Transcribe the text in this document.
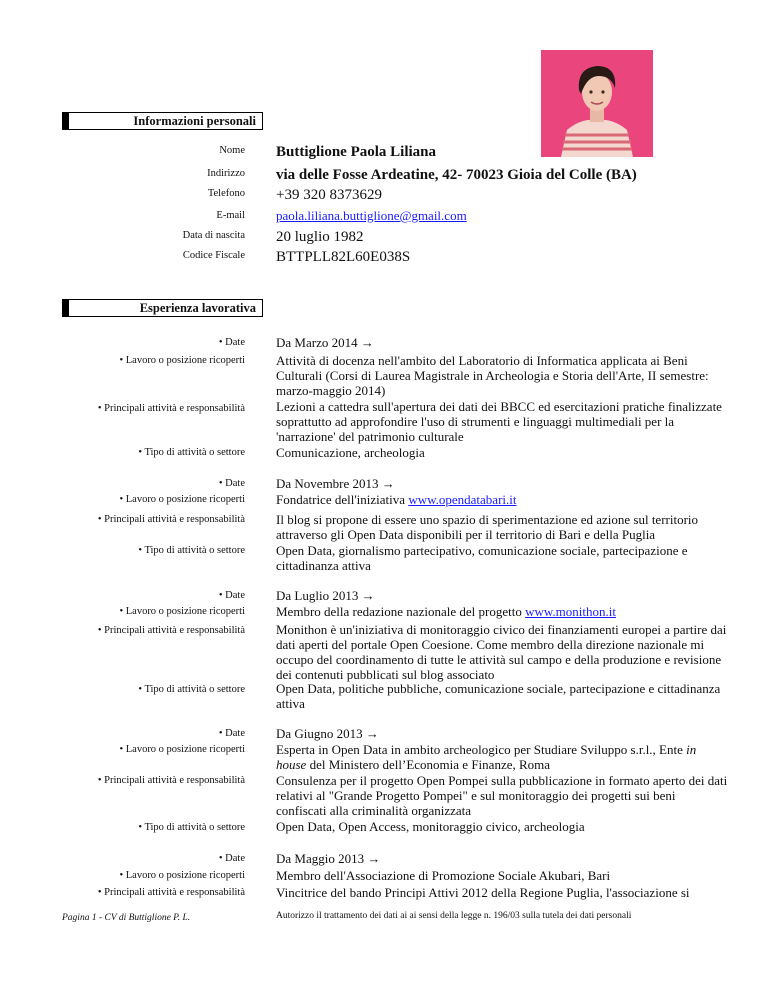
Informazioni personali
Nome Buttiglione Paola Liliana
Indirizzo via delle Fosse Ardeatine, 42- 70023 Gioia del Colle (BA)
Telefono +39 320 8373629
E-mail paola.liliana.buttiglione@gmail.com
Data di nascita 20 luglio 1982
Codice Fiscale BTTPLL82L60E038S
Esperienza lavorativa
• Date Da Marzo 2014 →
• Lavoro o posizione ricoperti Attività di docenza nell'ambito del Laboratorio di Informatica applicata ai Beni Culturali (Corsi di Laurea Magistrale in Archeologia e Storia dell'Arte, II semestre: marzo-maggio 2014)
• Principali attività e responsabilità Lezioni a cattedra sull'apertura dei dati dei BBCC ed esercitazioni pratiche finalizzate soprattutto ad approfondire l'uso di strumenti e linguaggi multimediali per la 'narrazione' del patrimonio culturale
• Tipo di attività o settore Comunicazione, archeologia
• Date Da Novembre 2013 →
• Lavoro o posizione ricoperti Fondatrice dell'iniziativa www.opendatabari.it
• Principali attività e responsabilità Il blog si propone di essere uno spazio di sperimentazione ed azione sul territorio attraverso gli Open Data disponibili per il territorio di Bari e della Puglia
• Tipo di attività o settore Open Data, giornalismo partecipativo, comunicazione sociale, partecipazione e cittadinanza attiva
• Date Da Luglio 2013 →
• Lavoro o posizione ricoperti Membro della redazione nazionale del progetto www.monithon.it
• Principali attività e responsabilità Monithon è un'iniziativa di monitoraggio civico dei finanziamenti europei a partire dai dati aperti del portale Open Coesione. Come membro della direzione nazionale mi occupo del coordinamento di tutte le attività sul campo e della produzione e revisione dei contenuti pubblicati sul blog associato
• Tipo di attività o settore Open Data, politiche pubbliche, comunicazione sociale, partecipazione e cittadinanza attiva
• Date Da Giugno 2013 →
• Lavoro o posizione ricoperti Esperta in Open Data in ambito archeologico per Studiare Sviluppo s.r.l., Ente in house del Ministero dell’Economia e Finanze, Roma
• Principali attività e responsabilità Consulenza per il progetto Open Pompei sulla pubblicazione in formato aperto dei dati relativi al "Grande Progetto Pompei" e sul monitoraggio dei progetti sui beni confiscati alla criminalità organizzata
• Tipo di attività o settore Open Data, Open Access, monitoraggio civico, archeologia
• Date Da Maggio 2013 →
• Lavoro o posizione ricoperti Membro dell'Associazione di Promozione Sociale Akubari, Bari
• Principali attività e responsabilità Vincitrice del bando Principi Attivi 2012 della Regione Puglia, l'associazione si
Pagina 1 - CV di Buttiglione P. L.	Autorizzo il trattamento dei dati ai ai sensi della legge n. 196/03 sulla tutela dei dati personali
